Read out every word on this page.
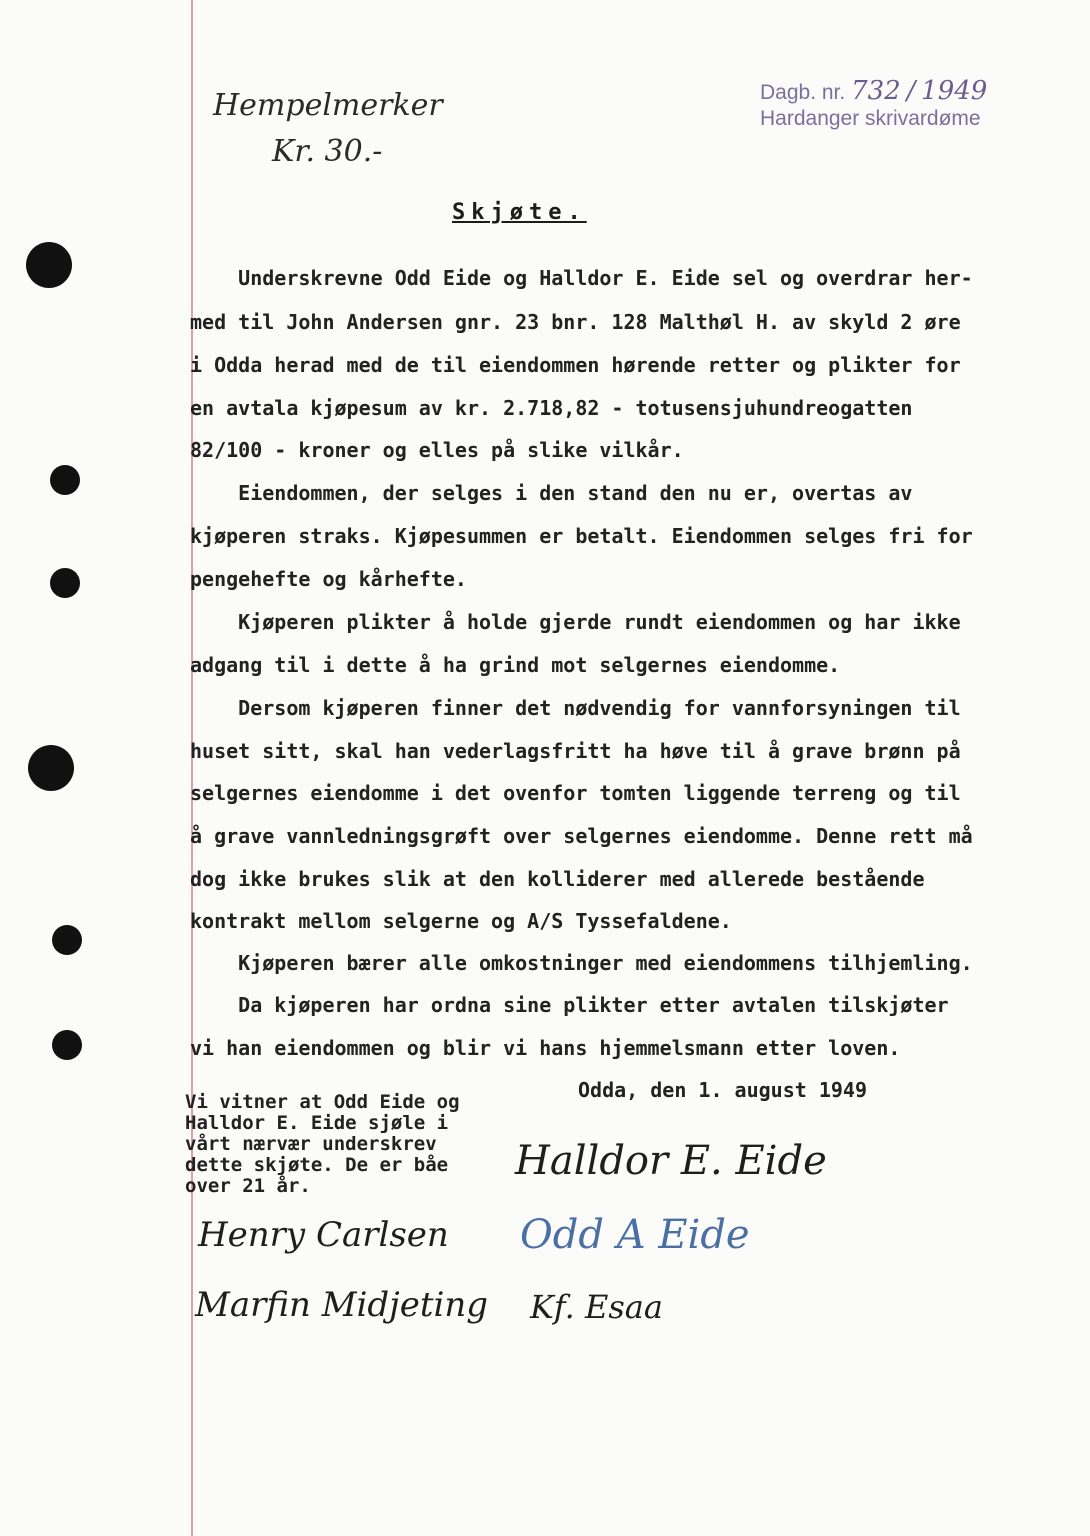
Hempelmerker
Kr. 30.-
Dagb. nr. 732 / 1949
Hardanger skrivardøme
Skjøte.
Underskrevne Odd Eide og Halldor E. Eide sel og overdrar her-
med til John Andersen gnr. 23 bnr. 128 Malthøl H. av skyld 2 øre
i Odda herad med de til eiendommen hørende retter og plikter for
en avtala kjøpesum av kr. 2.718,82 - totusensjuhundreogatten
82/100 - kroner og elles på slike vilkår.
Eiendommen, der selges i den stand den nu er, overtas av
kjøperen straks. Kjøpesummen er betalt. Eiendommen selges fri for
pengehefte og kårhefte.
Kjøperen plikter å holde gjerde rundt eiendommen og har ikke
adgang til i dette å ha grind mot selgernes eiendomme.
Dersom kjøperen finner det nødvendig for vannforsyningen til
huset sitt, skal han vederlagsfritt ha høve til å grave brønn på
selgernes eiendomme i det ovenfor tomten liggende terreng og til
å grave vannledningsgrøft over selgernes eiendomme. Denne rett må
dog ikke brukes slik at den kolliderer med allerede bestående
kontrakt mellom selgerne og A/S Tyssefaldene.
Kjøperen bærer alle omkostninger med eiendommens tilhjemling.
Da kjøperen har ordna sine plikter etter avtalen tilskjøter
vi han eiendommen og blir vi hans hjemmelsmann etter loven.
Odda, den 1. august 1949
Vi vitner at Odd Eide og
Halldor E. Eide sjøle i
vårt nærvær underskrev
dette skjøte. De er båe
over 21 år.
Halldor E. Eide
Odd A Eide
Henry Carlsen
Marfin Midjeting Kf. Esaa
